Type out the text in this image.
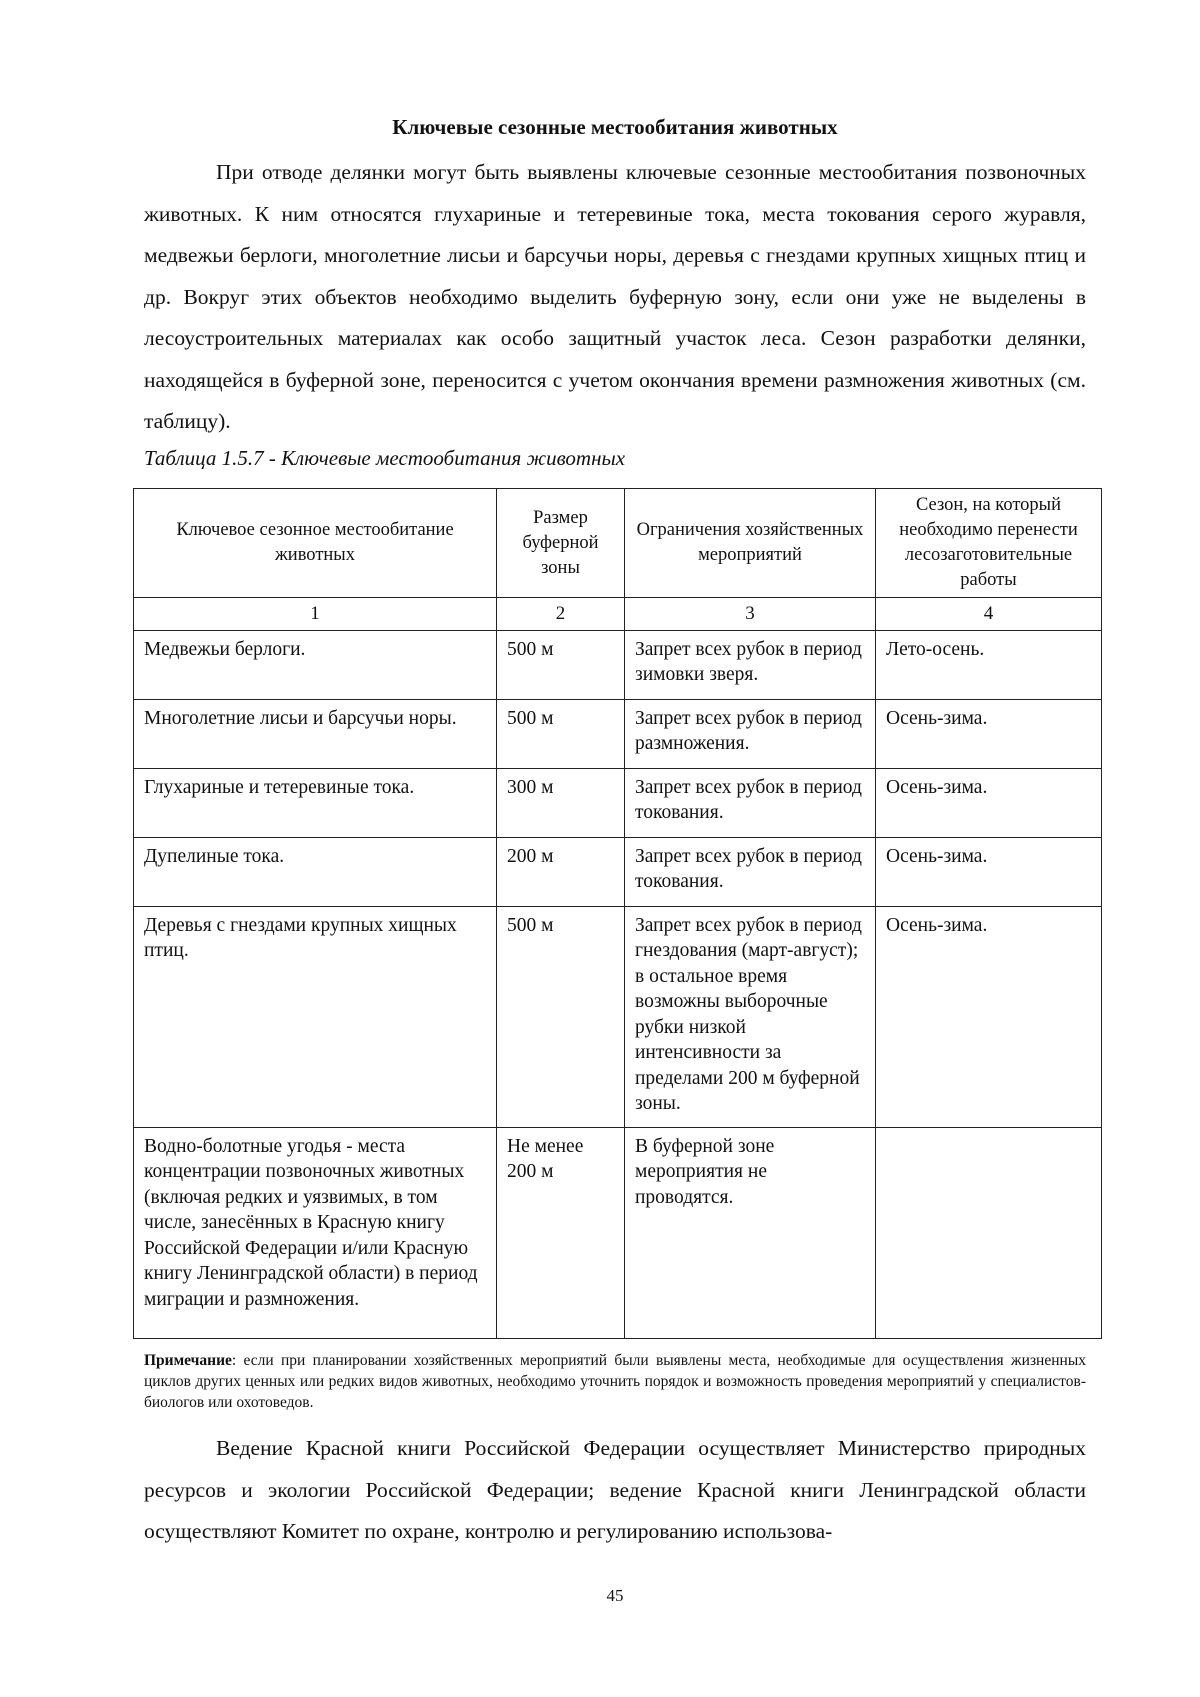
Ключевые сезонные местообитания животных

При отводе делянки могут быть выявлены ключевые сезонные местообитания позвоночных животных. К ним относятся глухариные и тетеревиные тока, места токования серого журавля, медвежьи берлоги, многолетние лисьи и барсучьи норы, деревья с гнездами крупных хищных птиц и др. Вокруг этих объектов необходимо выделить буферную зону, если они уже не выделены в лесоустроительных материалах как особо защитный участок леса. Сезон разработки делянки, находящейся в буферной зоне, переносится с учетом окончания времени размножения животных (см. таблицу).

Таблица 1.5.7 - Ключевые местообитания животных
Ключевое сезонное местообитание животных	Размер буферной зоны	Ограничения хозяйственных мероприятий	Сезон, на который необходимо перенести лесозаготовительные работы
1	2	3	4
Медвежьи берлоги.	500 м	Запрет всех рубок в период зимовки зверя.	Лето-осень.
Многолетние лисьи и барсучьи норы.	500 м	Запрет всех рубок в период размножения.	Осень-зима.
Глухариные и тетеревиные тока.	300 м	Запрет всех рубок в период токования.	Осень-зима.
Дупелиные тока.	200 м	Запрет всех рубок в период токования.	Осень-зима.
Деревья с гнездами крупных хищных птиц.	500 м	Запрет всех рубок в период гнездования (март-август); в остальное время возможны выборочные рубки низкой интенсивности за пределами 200 м буферной зоны.	Осень-зима.
Водно-болотные угодья - места концентрации позвоночных животных (включая редких и уязвимых, в том числе, занесённых в Красную книгу Российской Федерации и/или Красную книгу Ленинградской области) в период миграции и размножения.	Не менее 200 м	В буферной зоне мероприятия не проводятся.	
Примечание: если при планировании хозяйственных мероприятий были выявлены места, необходимые для осуществления жизненных циклов других ценных или редких видов животных, необходимо уточнить порядок и возможность проведения мероприятий у специалистов-биологов или охотоведов.

Ведение Красной книги Российской Федерации осуществляет Министерство природных ресурсов и экологии Российской Федерации; ведение Красной книги Ленинградской области осуществляют Комитет по охране, контролю и регулированию использова-

45
